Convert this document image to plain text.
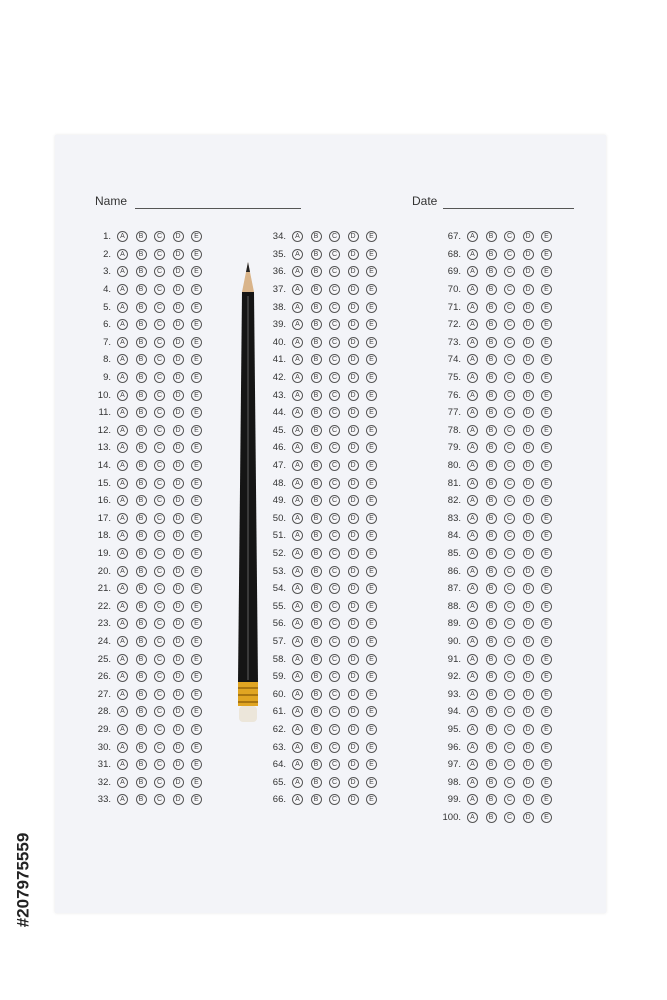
Name	Date
1.	A	B	C	D	E
2.	A	B	C	D	E
3.	A	B	C	D	E
4.	A	B	C	D	E
5.	A	B	C	D	E
6.	A	B	C	D	E
7.	A	B	C	D	E
8.	A	B	C	D	E
9.	A	B	C	D	E
10.	A	B	C	D	E
11.	A	B	C	D	E
12.	A	B	C	D	E
13.	A	B	C	D	E
14.	A	B	C	D	E
15.	A	B	C	D	E
16.	A	B	C	D	E
17.	A	B	C	D	E
18.	A	B	C	D	E
19.	A	B	C	D	E
20.	A	B	C	D	E
21.	A	B	C	D	E
22.	A	B	C	D	E
23.	A	B	C	D	E
24.	A	B	C	D	E
25.	A	B	C	D	E
26.	A	B	C	D	E
27.	A	B	C	D	E
28.	A	B	C	D	E
29.	A	B	C	D	E
30.	A	B	C	D	E
31.	A	B	C	D	E
32.	A	B	C	D	E
33.	A	B	C	D	E
34.	A	B	C	D	E
35.	A	B	C	D	E
36.	A	B	C	D	E
37.	A	B	C	D	E
38.	A	B	C	D	E
39.	A	B	C	D	E
40.	A	B	C	D	E
41.	A	B	C	D	E
42.	A	B	C	D	E
43.	A	B	C	D	E
44.	A	B	C	D	E
45.	A	B	C	D	E
46.	A	B	C	D	E
47.	A	B	C	D	E
48.	A	B	C	D	E
49.	A	B	C	D	E
50.	A	B	C	D	E
51.	A	B	C	D	E
52.	A	B	C	D	E
53.	A	B	C	D	E
54.	A	B	C	D	E
55.	A	B	C	D	E
56.	A	B	C	D	E
57.	A	B	C	D	E
58.	A	B	C	D	E
59.	A	B	C	D	E
60.	A	B	C	D	E
61.	A	B	C	D	E
62.	A	B	C	D	E
63.	A	B	C	D	E
64.	A	B	C	D	E
65.	A	B	C	D	E
66.	A	B	C	D	E
67.	A	B	C	D	E
68.	A	B	C	D	E
69.	A	B	C	D	E
70.	A	B	C	D	E
71.	A	B	C	D	E
72.	A	B	C	D	E
73.	A	B	C	D	E
74.	A	B	C	D	E
75.	A	B	C	D	E
76.	A	B	C	D	E
77.	A	B	C	D	E
78.	A	B	C	D	E
79.	A	B	C	D	E
80.	A	B	C	D	E
81.	A	B	C	D	E
82.	A	B	C	D	E
83.	A	B	C	D	E
84.	A	B	C	D	E
85.	A	B	C	D	E
86.	A	B	C	D	E
87.	A	B	C	D	E
88.	A	B	C	D	E
89.	A	B	C	D	E
90.	A	B	C	D	E
91.	A	B	C	D	E
92.	A	B	C	D	E
93.	A	B	C	D	E
94.	A	B	C	D	E
95.	A	B	C	D	E
96.	A	B	C	D	E
97.	A	B	C	D	E
98.	A	B	C	D	E
99.	A	B	C	D	E
100.	A	B	C	D	E
#207975559
